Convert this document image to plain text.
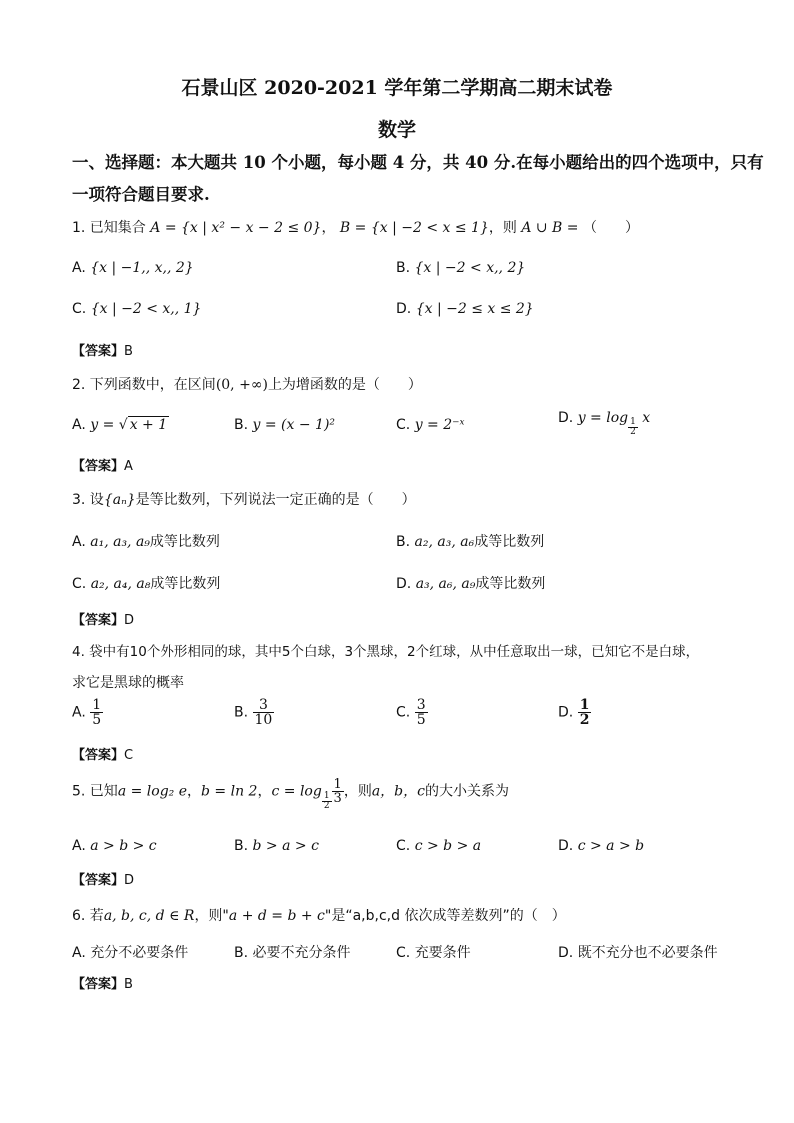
石景山区 2020-2021 学年第二学期高二期末试卷
数学
一、选择题：本大题共 10 个小题，每小题 4 分，共 40 分.在每小题给出的四个选项中，只有
一项符合题目要求.
1. 已知集合 A = {x | x² − x − 2 ≤ 0}， B = {x | −2 < x ≤ 1}，则 A ∪ B = （　　）
A. {x | −1,, x,, 2}	B. {x | −2 < x,, 2}
C. {x | −2 < x,, 1}	D. {x | −2 ≤ x ≤ 2}
【答案】B
2. 下列函数中，在区间(0, +∞)上为增函数的是（　　）
A. y = √ x + 1	B. y = (x − 1)²	C. y = 2⁻ˣ	D. $y = \log \frac{1}{2}$ x
【答案】A
3. 设{aₙ}是等比数列，下列说法一定正确的是（　　）
A. a₁, a₃, a₉成等比数列	B. a₂, a₃, a₆成等比数列
C. a₂, a₄, a₈成等比数列	D. a₃, a₆, a₉成等比数列
【答案】D
4. 袋中有10个外形相同的球，其中5个白球，3个黑球，2个红球，从中任意取出一球，已知它不是白球，
求它是黑球的概率
A. $\frac{1}{5}$	B. $\frac{3}{10}$	C. $\frac{3}{5}$	D. $\frac{1}{2}$
【答案】C
5. 已知a = log₂ e，b = ln 2，$c = \log \frac{1}{2} \frac{1}{3}$ ，则a，b，c的大小关系为
A. a > b > c	B. b > a > c	C. c > b > a	D. c > a > b
【答案】D
6. 若a, b, c, d ∈ R，则"a + d = b + c"是“a,b,c,d 依次成等差数列”的（　）
A. 充分不必要条件	B. 必要不充分条件	C. 充要条件	D. 既不充分也不必要条件
【答案】B
